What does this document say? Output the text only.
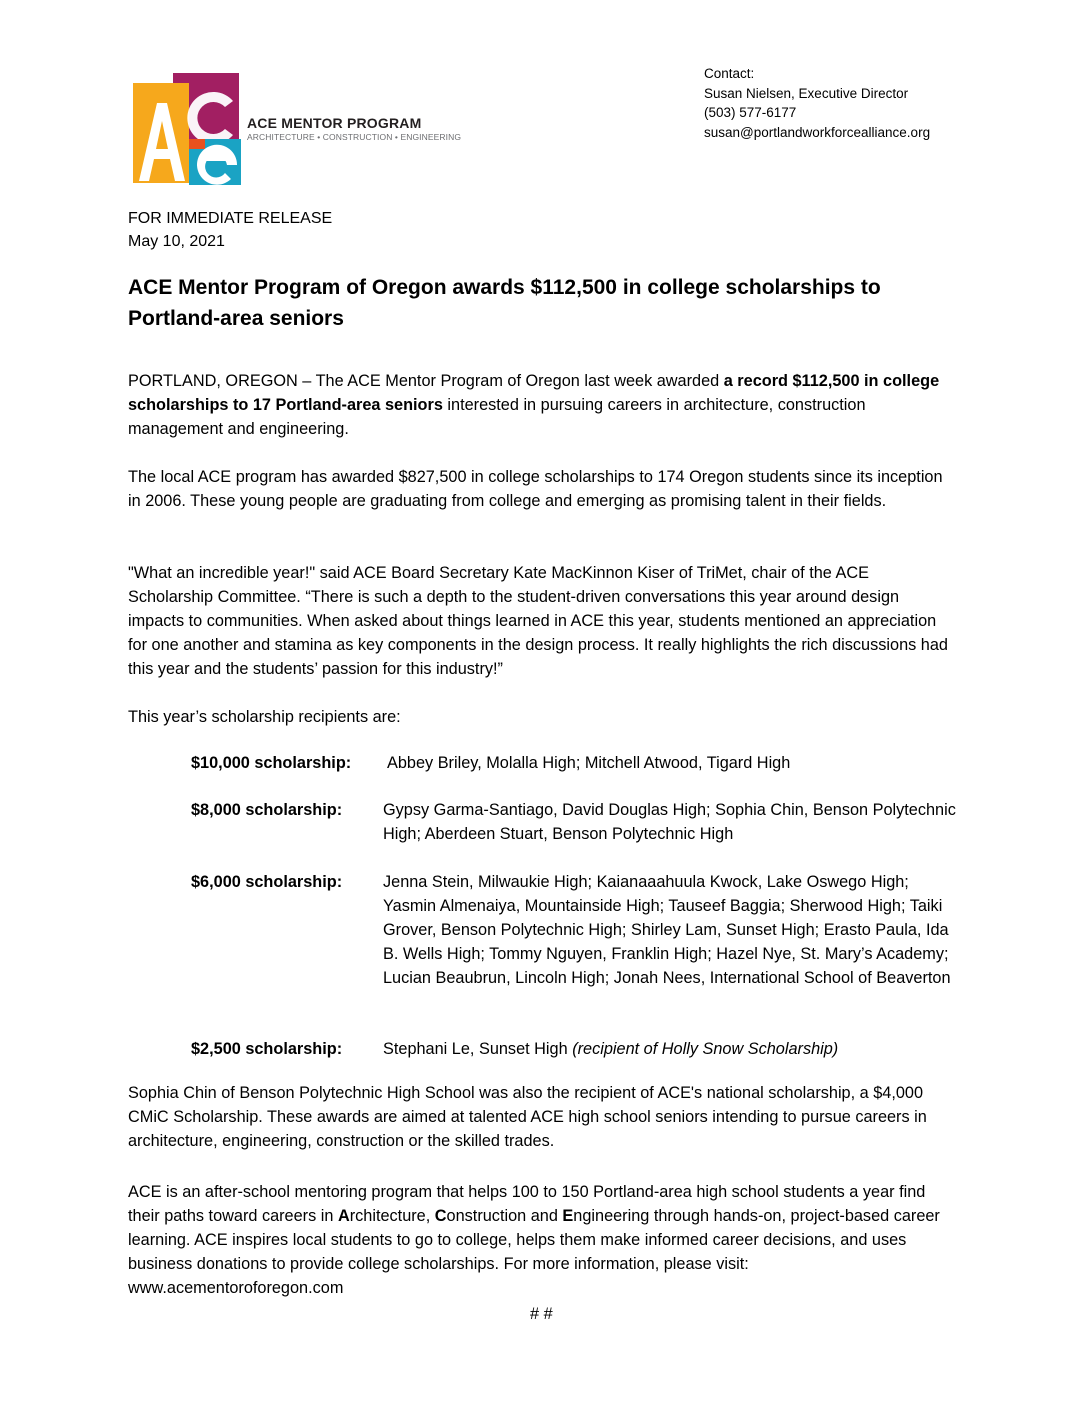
ACE MENTOR PROGRAM
ARCHITECTURE • CONSTRUCTION • ENGINEERING
Contact:
Susan Nielsen, Executive Director
(503) 577-6177
susan@portlandworkforcealliance.org
FOR IMMEDIATE RELEASE
May 10, 2021
ACE Mentor Program of Oregon awards $112,500 in college scholarships to Portland-area seniors
PORTLAND, OREGON – The ACE Mentor Program of Oregon last week awarded a record $112,500 in college scholarships to 17 Portland-area seniors interested in pursuing careers in architecture, construction management and engineering.
The local ACE program has awarded $827,500 in college scholarships to 174 Oregon students since its inception in 2006. These young people are graduating from college and emerging as promising talent in their fields.
"What an incredible year!" said ACE Board Secretary Kate MacKinnon Kiser of TriMet, chair of the ACE Scholarship Committee. “There is such a depth to the student-driven conversations this year around design impacts to communities. When asked about things learned in ACE this year, students mentioned an appreciation for one another and stamina as key components in the design process. It really highlights the rich discussions had this year and the students’ passion for this industry!”
This year’s scholarship recipients are:
$10,000 scholarship: Abbey Briley, Molalla High; Mitchell Atwood, Tigard High
$8,000 scholarship:	Gypsy Garma-Santiago, David Douglas High; Sophia Chin, Benson Polytechnic High; Aberdeen Stuart, Benson Polytechnic High
$6,000 scholarship:	Jenna Stein, Milwaukie High; Kaianaaahuula Kwock, Lake Oswego High; Yasmin Almenaiya, Mountainside High; Tauseef Baggia; Sherwood High; Taiki Grover, Benson Polytechnic High; Shirley Lam, Sunset High; Erasto Paula, Ida B. Wells High; Tommy Nguyen, Franklin High; Hazel Nye, St. Mary’s Academy; Lucian Beaubrun, Lincoln High; Jonah Nees, International School of Beaverton
$2,500 scholarship:	Stephani Le, Sunset High (recipient of Holly Snow Scholarship)
Sophia Chin of Benson Polytechnic High School was also the recipient of ACE's national scholarship, a $4,000 CMiC Scholarship. These awards are aimed at talented ACE high school seniors intending to pursue careers in architecture, engineering, construction or the skilled trades.
ACE is an after-school mentoring program that helps 100 to 150 Portland-area high school students a year find their paths toward careers in Architecture, Construction and Engineering through hands-on, project-based career learning. ACE inspires local students to go to college, helps them make informed career decisions, and uses business donations to provide college scholarships. For more information, please visit: www.acementoroforegon.com
# #
